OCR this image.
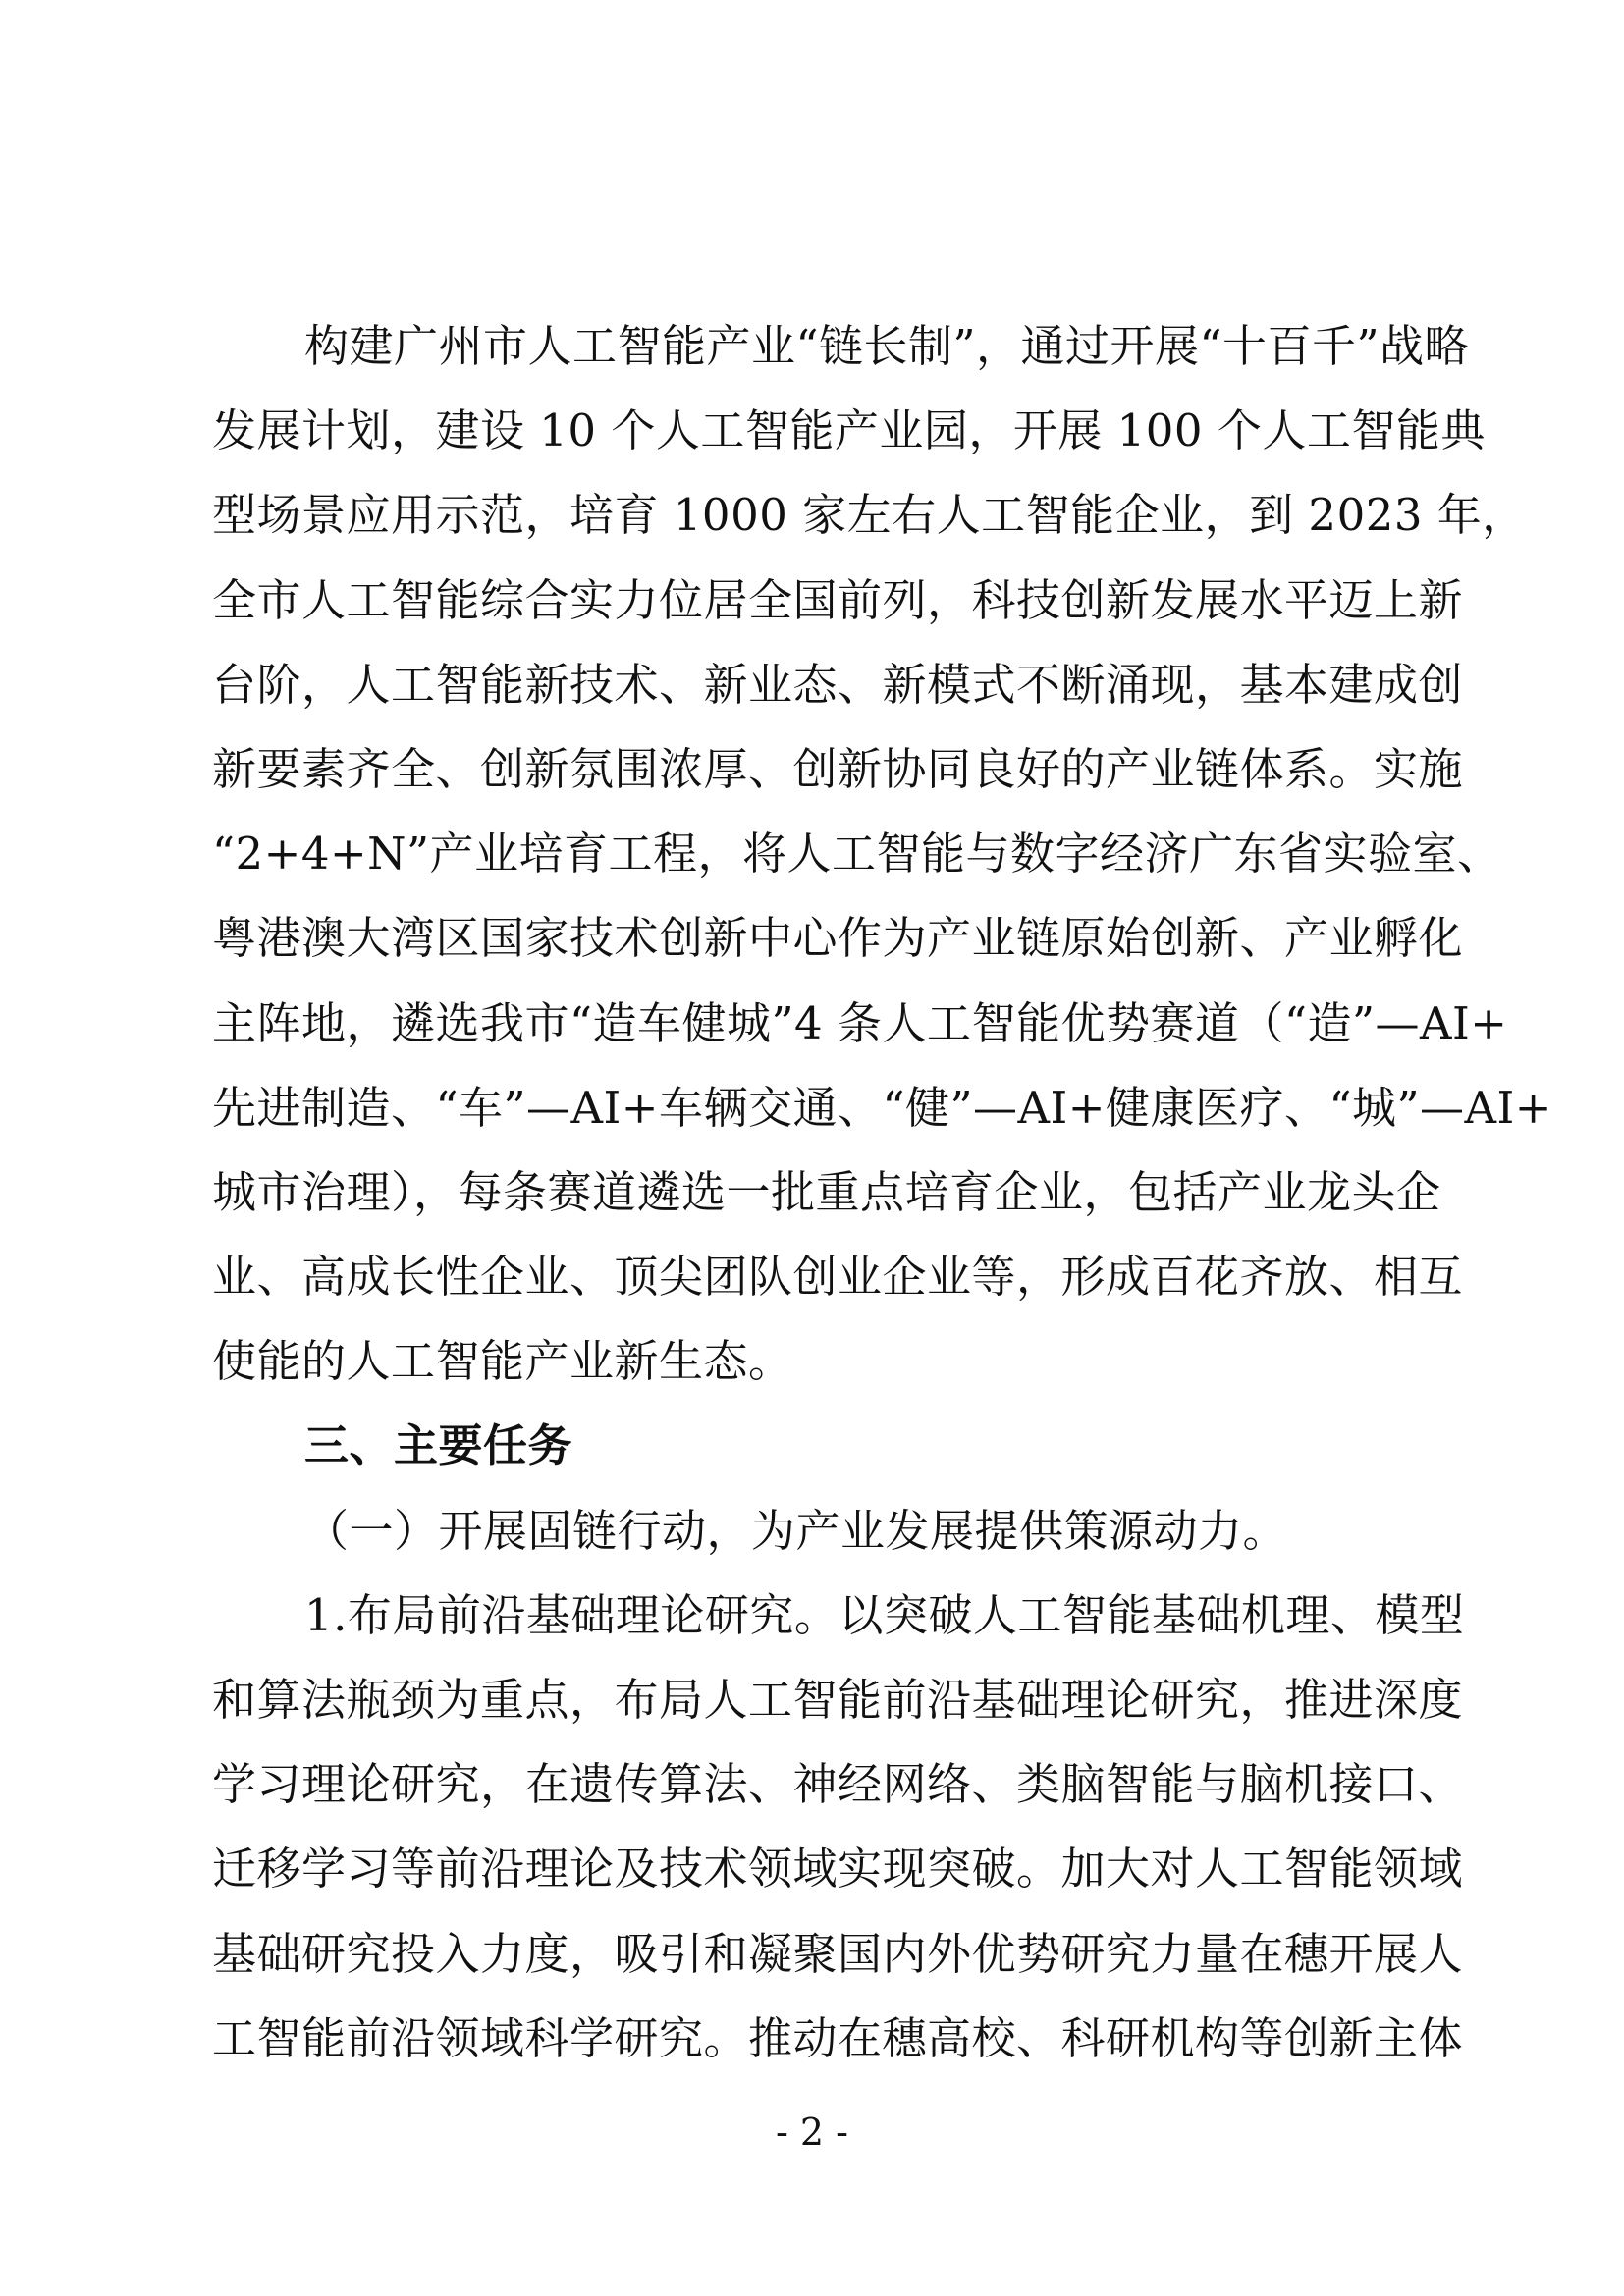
构建广州市人工智能产业“链长制”，通过开展“十百千”战略
发展计划，建设 10 个人工智能产业园，开展 100 个人工智能典
型场景应用示范，培育 1000 家左右人工智能企业，到 2023 年，
全市人工智能综合实力位居全国前列，科技创新发展水平迈上新
台阶，人工智能新技术、新业态、新模式不断涌现，基本建成创
新要素齐全、创新氛围浓厚、创新协同良好的产业链体系。实施
“2+4+N”产业培育工程，将人工智能与数字经济广东省实验室、
粤港澳大湾区国家技术创新中心作为产业链原始创新、产业孵化
主阵地，遴选我市“造车健城”4 条人工智能优势赛道（“造”—AI+
先进制造、“车”—AI+车辆交通、“健”—AI+健康医疗、“城”—AI+
城市治理），每条赛道遴选一批重点培育企业，包括产业龙头企
业、高成长性企业、顶尖团队创业企业等，形成百花齐放、相互
使能的人工智能产业新生态。
三、主要任务
（一）开展固链行动，为产业发展提供策源动力。
1.布局前沿基础理论研究。以突破人工智能基础机理、模型
和算法瓶颈为重点，布局人工智能前沿基础理论研究，推进深度
学习理论研究，在遗传算法、神经网络、类脑智能与脑机接口、
迁移学习等前沿理论及技术领域实现突破。加大对人工智能领域
基础研究投入力度，吸引和凝聚国内外优势研究力量在穗开展人
工智能前沿领域科学研究。推动在穗高校、科研机构等创新主体
- 2 -
